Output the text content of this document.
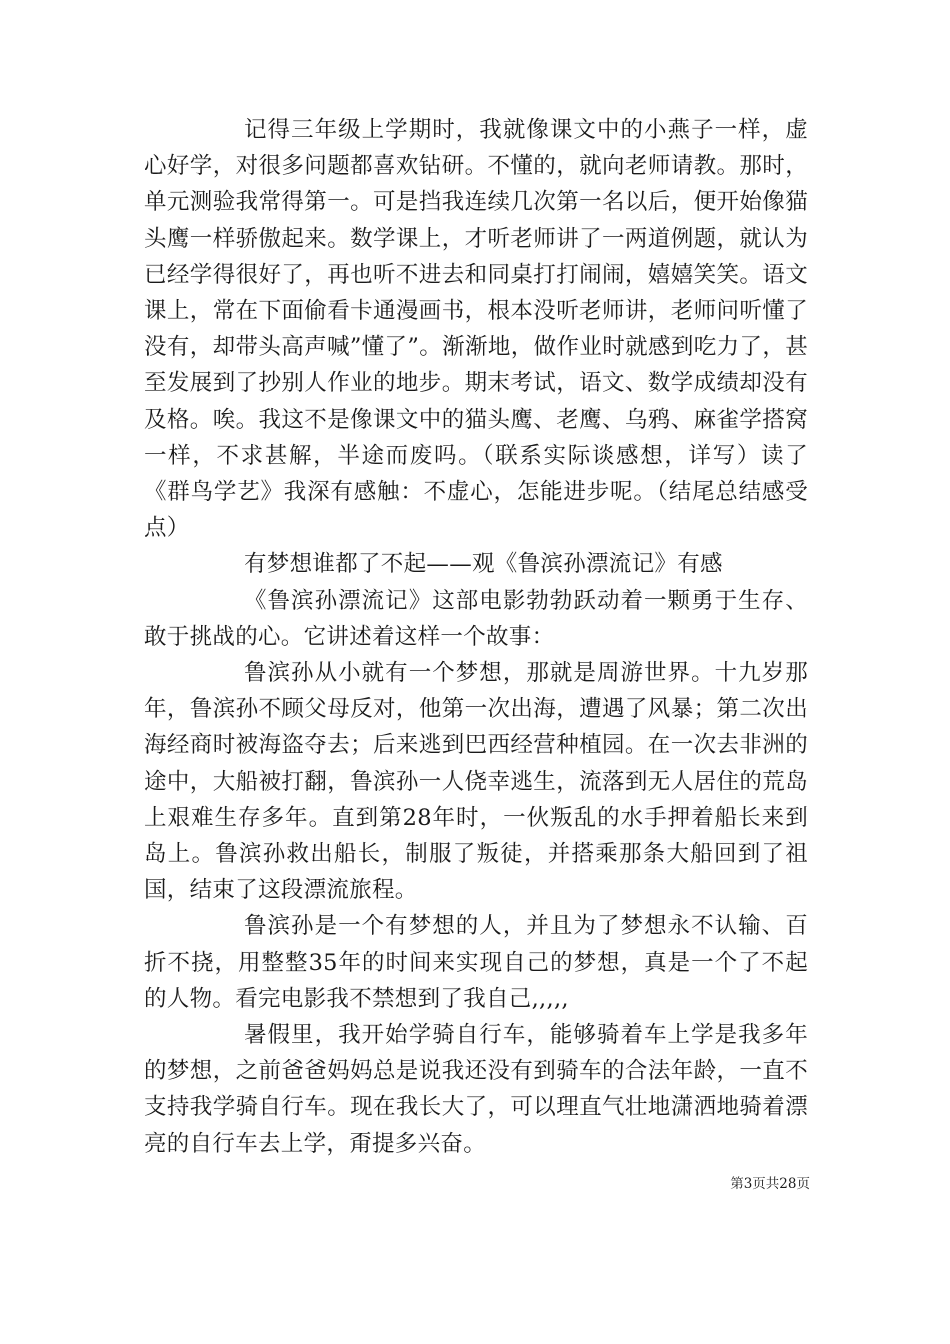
记得三年级上学期时，我就像课文中的小燕子一样，虚心好学，对很多问题都喜欢钻研。不懂的，就向老师请教。那时，单元测验我常得第一。可是挡我连续几次第一名以后，便开始像猫头鹰一样骄傲起来。数学课上，才听老师讲了一两道例题，就认为已经学得很好了，再也听不进去和同桌打打闹闹，嬉嬉笑笑。语文课上，常在下面偷看卡通漫画书，根本没听老师讲，老师问听懂了没有，却带头高声喊”懂了”。渐渐地，做作业时就感到吃力了，甚至发展到了抄别人作业的地步。期末考试，语文、数学成绩却没有及格。唉。我这不是像课文中的猫头鹰、老鹰、乌鸦、麻雀学搭窝一样，不求甚解，半途而废吗。（联系实际谈感想，详写）读了《群鸟学艺》我深有感触：不虚心，怎能进步呢。（结尾总结感受点）

有梦想谁都了不起——观《鲁滨孙漂流记》有感

《鲁滨孙漂流记》这部电影勃勃跃动着一颗勇于生存、敢于挑战的心。它讲述着这样一个故事：

鲁滨孙从小就有一个梦想，那就是周游世界。十九岁那年，鲁滨孙不顾父母反对，他第一次出海，遭遇了风暴；第二次出海经商时被海盗夺去；后来逃到巴西经营种植园。在一次去非洲的途中，大船被打翻，鲁滨孙一人侥幸逃生，流落到无人居住的荒岛上艰难生存多年。直到第28年时，一伙叛乱的水手押着船长来到岛上。鲁滨孙救出船长，制服了叛徒，并搭乘那条大船回到了祖国，结束了这段漂流旅程。

鲁滨孙是一个有梦想的人，并且为了梦想永不认输、百折不挠，用整整35年的时间来实现自己的梦想，真是一个了不起的人物。看完电影我不禁想到了我自己,,,,,

暑假里，我开始学骑自行车，能够骑着车上学是我多年的梦想，之前爸爸妈妈总是说我还没有到骑车的合法年龄，一直不支持我学骑自行车。现在我长大了，可以理直气壮地潇洒地骑着漂亮的自行车去上学，甭提多兴奋。

第3页共28页
